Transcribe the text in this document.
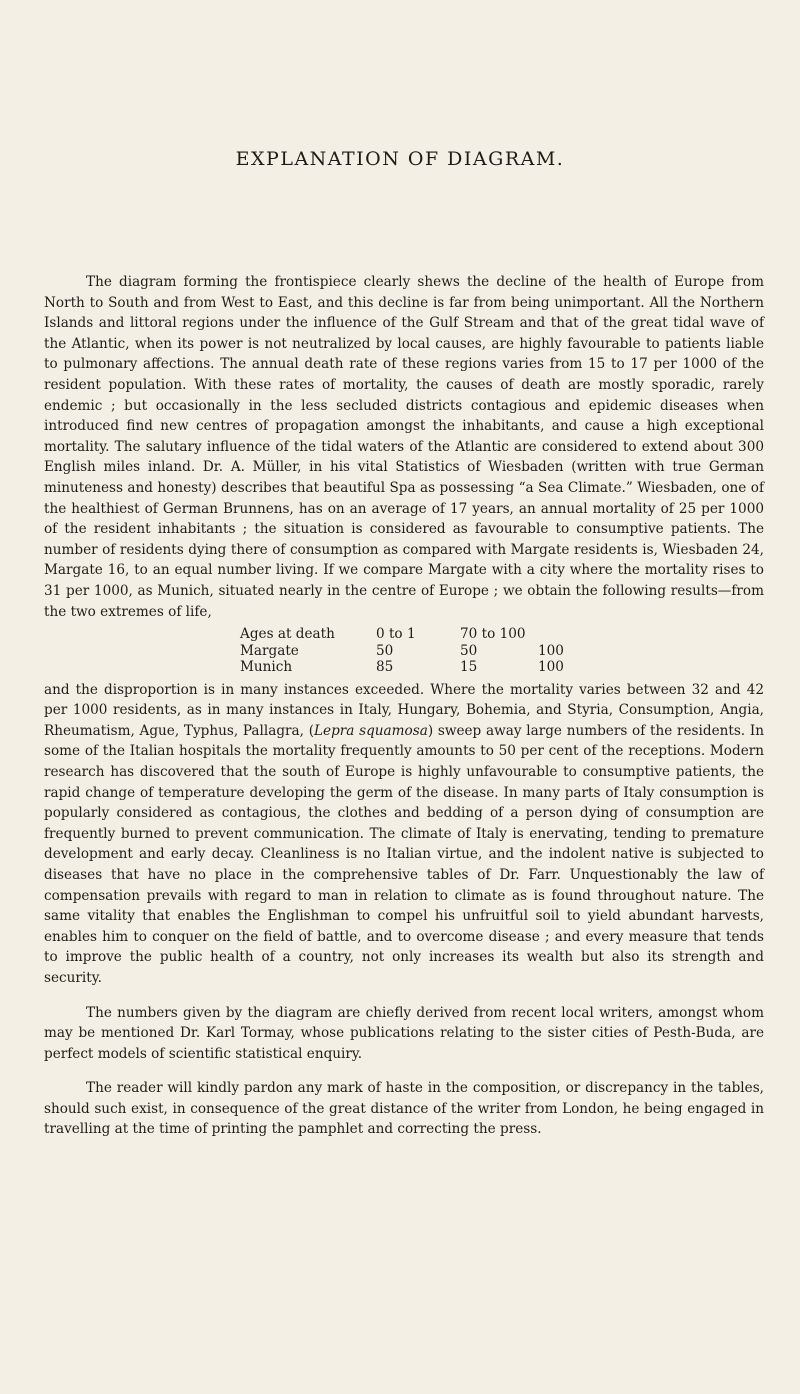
EXPLANATION OF DIAGRAM.

The diagram forming the frontispiece clearly shews the decline of the health of Europe from North to South and from West to East, and this decline is far from being unimportant. All the Northern Islands and littoral regions under the influence of the Gulf Stream and that of the great tidal wave of the Atlantic, when its power is not neutralized by local causes, are highly favourable to patients liable to pulmonary affections. The annual death rate of these regions varies from 15 to 17 per 1000 of the resident population. With these rates of mortality, the causes of death are mostly sporadic, rarely endemic ; but occasionally in the less secluded districts contagious and epidemic diseases when introduced find new centres of propagation amongst the inhabitants, and cause a high exceptional mortality. The salutary influence of the tidal waters of the Atlantic are considered to extend about 300 English miles inland. Dr. A. Müller, in his vital Statistics of Wiesbaden (written with true German minuteness and honesty) describes that beautiful Spa as possessing “a Sea Climate.” Wiesbaden, one of the healthiest of German Brunnens, has on an average of 17 years, an annual mortality of 25 per 1000 of the resident inhabitants ; the situation is considered as favourable to consumptive patients. The number of residents dying there of consumption as compared with Margate residents is, Wiesbaden 24, Margate 16, to an equal number living. If we compare Margate with a city where the mortality rises to 31 per 1000, as Munich, situated nearly in the centre of Europe ; we obtain the following results—from the two extremes of life,

Ages at death	0 to 1	70 to 100	
Margate	50	50	100
Munich	85	15	100

and the disproportion is in many instances exceeded. Where the mortality varies between 32 and 42 per 1000 residents, as in many instances in Italy, Hungary, Bohemia, and Styria, Consumption, Angia, Rheumatism, Ague, Typhus, Pallagra, (Lepra squamosa) sweep away large numbers of the residents. In some of the Italian hospitals the mortality frequently amounts to 50 per cent of the receptions. Modern research has discovered that the south of Europe is highly unfavourable to consumptive patients, the rapid change of temperature developing the germ of the disease. In many parts of Italy consumption is popularly considered as contagious, the clothes and bedding of a person dying of consumption are frequently burned to prevent communication. The climate of Italy is enervating, tending to premature development and early decay. Cleanliness is no Italian virtue, and the indolent native is subjected to diseases that have no place in the comprehensive tables of Dr. Farr. Unquestionably the law of compensation prevails with regard to man in relation to climate as is found throughout nature. The same vitality that enables the Englishman to compel his unfruitful soil to yield abundant harvests, enables him to conquer on the field of battle, and to overcome disease ; and every measure that tends to improve the public health of a country, not only increases its wealth but also its strength and security.

The numbers given by the diagram are chiefly derived from recent local writers, amongst whom may be mentioned Dr. Karl Tormay, whose publications relating to the sister cities of Pesth-Buda, are perfect models of scientific statistical enquiry.

The reader will kindly pardon any mark of haste in the composition, or discrepancy in the tables, should such exist, in consequence of the great distance of the writer from London, he being engaged in travelling at the time of printing the pamphlet and correcting the press.
